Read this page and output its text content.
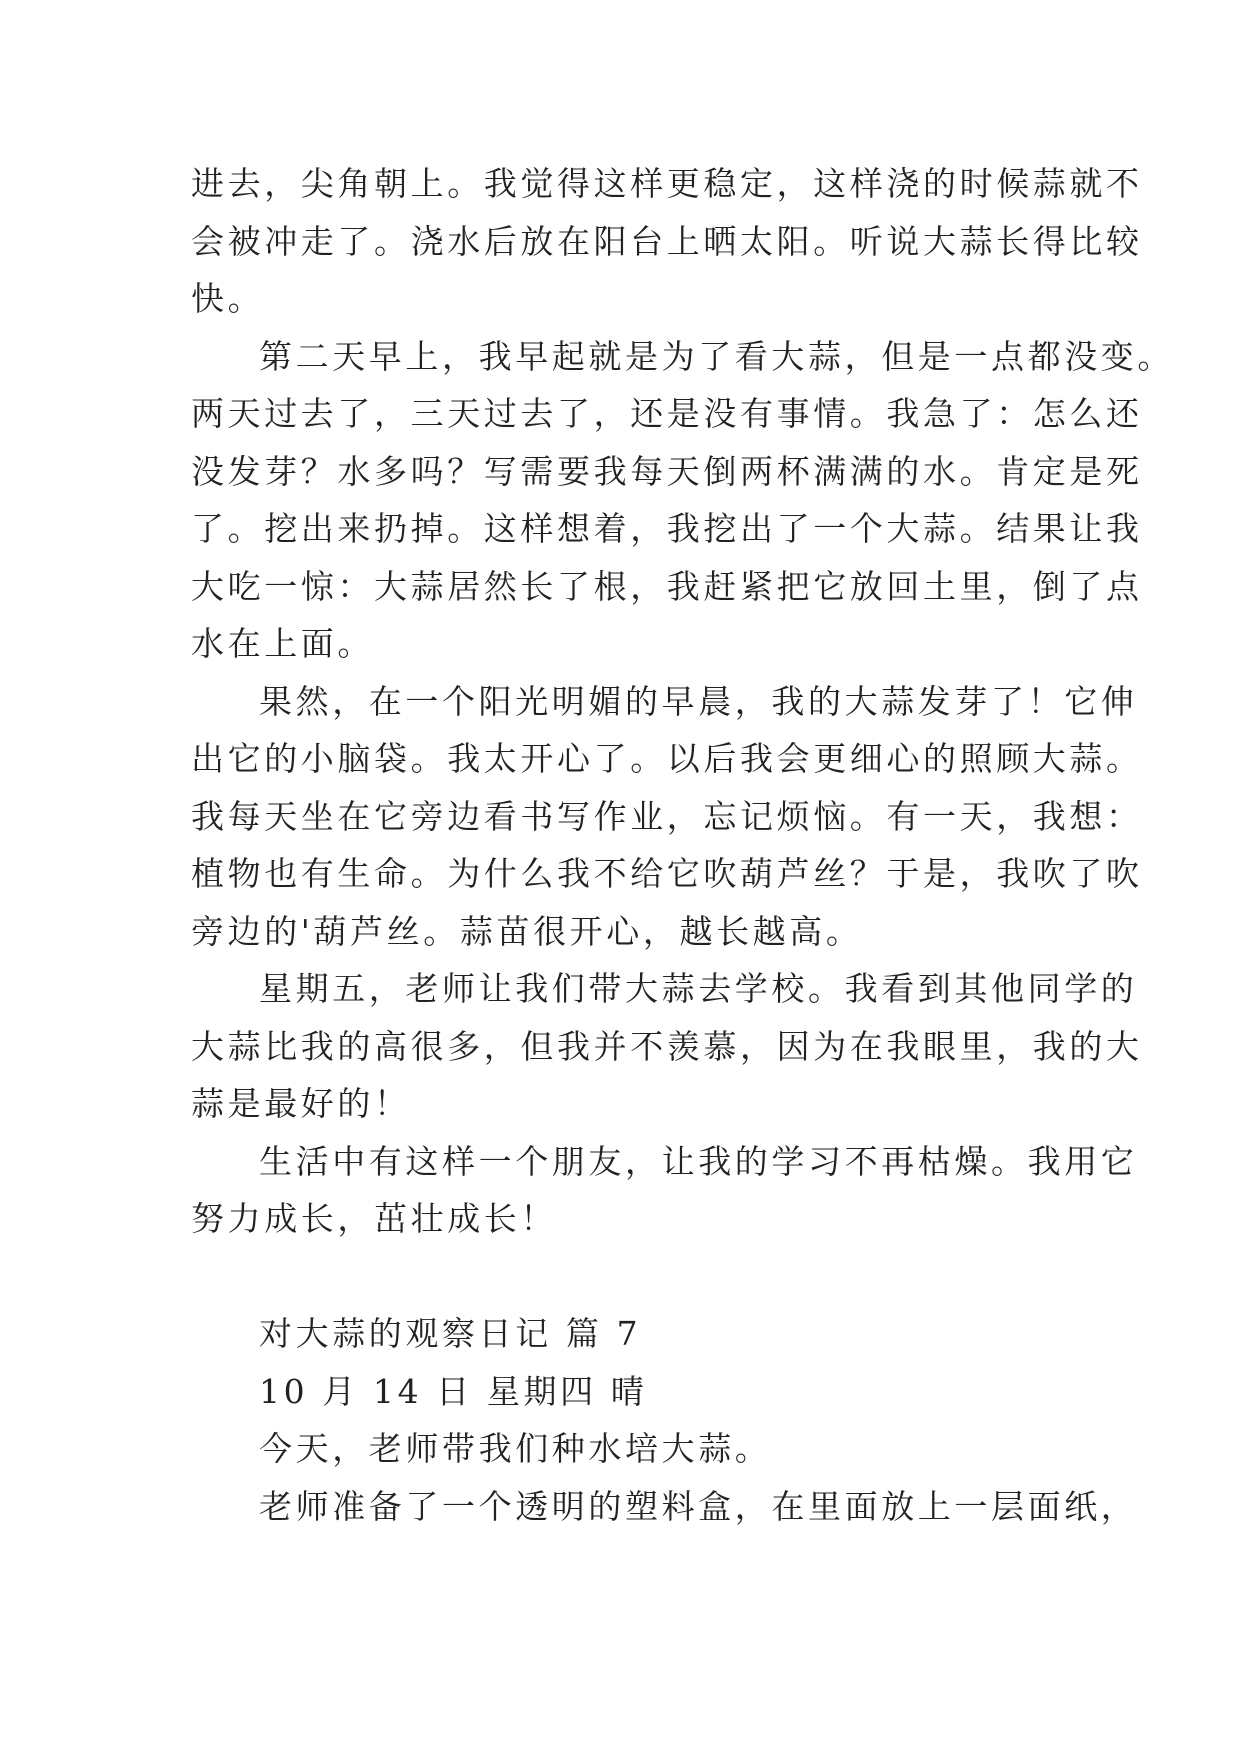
进去，尖角朝上。我觉得这样更稳定，这样浇的时候蒜就不
会被冲走了。浇水后放在阳台上晒太阳。听说大蒜长得比较
快。
第二天早上，我早起就是为了看大蒜，但是一点都没变。
两天过去了，三天过去了，还是没有事情。我急了：怎么还
没发芽？水多吗？写需要我每天倒两杯满满的水。肯定是死
了。挖出来扔掉。这样想着，我挖出了一个大蒜。结果让我
大吃一惊：大蒜居然长了根，我赶紧把它放回土里，倒了点
水在上面。
果然，在一个阳光明媚的早晨，我的大蒜发芽了！它伸
出它的小脑袋。我太开心了。以后我会更细心的照顾大蒜。
我每天坐在它旁边看书写作业，忘记烦恼。有一天，我想：
植物也有生命。为什么我不给它吹葫芦丝？于是，我吹了吹
旁边的'葫芦丝。蒜苗很开心，越长越高。
星期五，老师让我们带大蒜去学校。我看到其他同学的
大蒜比我的高很多，但我并不羡慕，因为在我眼里，我的大
蒜是最好的！
生活中有这样一个朋友，让我的学习不再枯燥。我用它
努力成长，茁壮成长！
对大蒜的观察日记 篇 7
10 月 14 日 星期四 晴
今天，老师带我们种水培大蒜。
老师准备了一个透明的塑料盒，在里面放上一层面纸，
